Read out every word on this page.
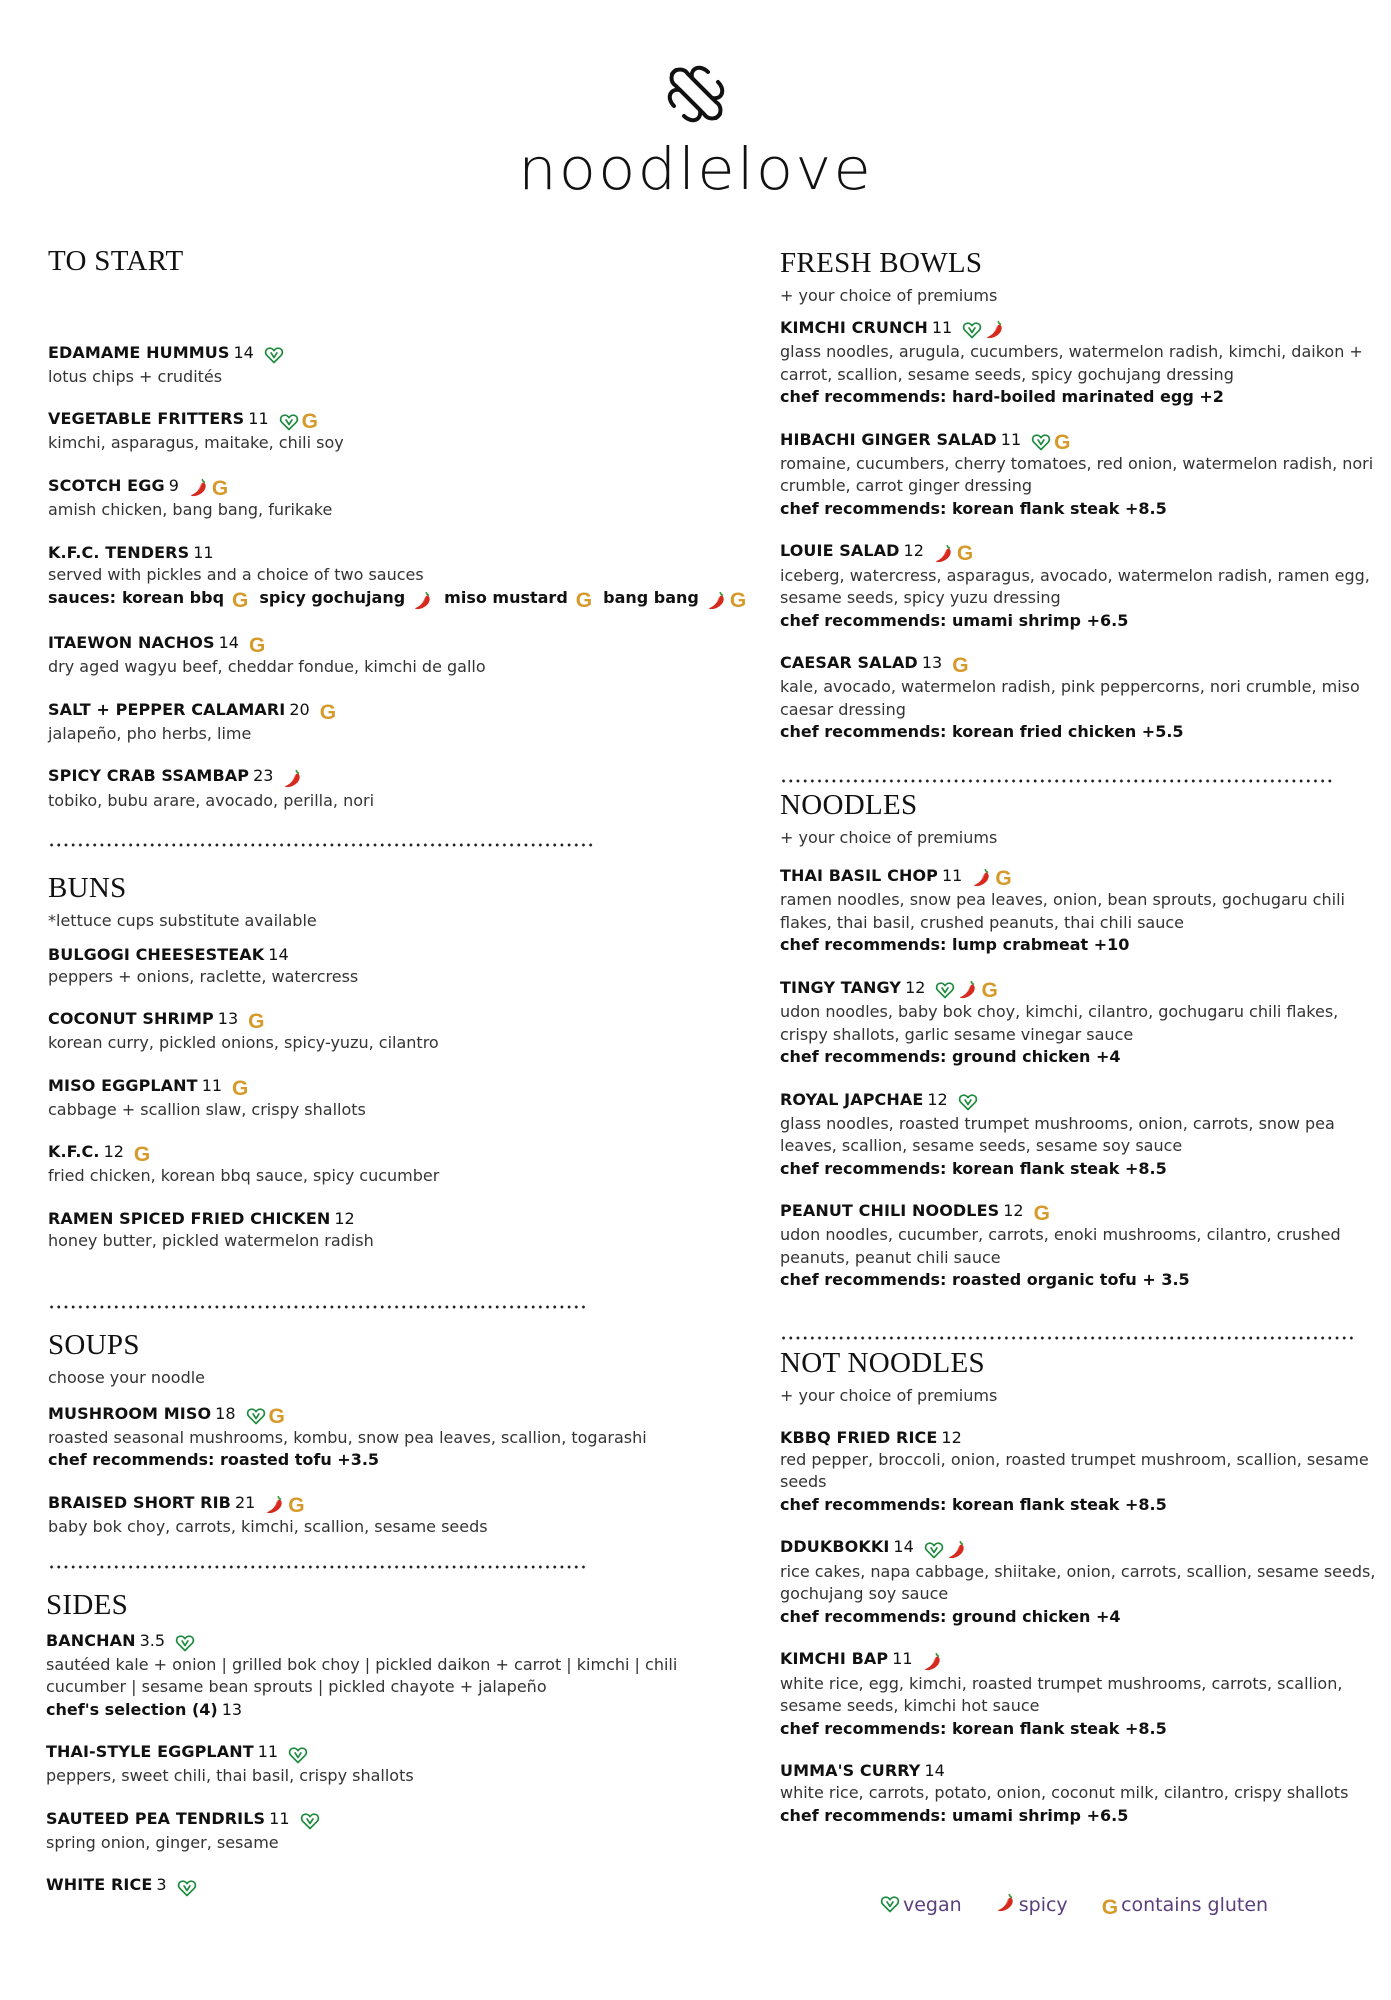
noodlelove
TO START
EDAMAME HUMMUS 14
lotus chips + crudités
VEGETABLE FRITTERS 11 G
kimchi, asparagus, maitake, chili soy
SCOTCH EGG 9 G
amish chicken, bang bang, furikake
K.F.C. TENDERS 11
served with pickles and a choice of two sauces
sauces: korean bbq G spicy gochujang miso mustard G bang bang G
ITAEWON NACHOS 14 G
dry aged wagyu beef, cheddar fondue, kimchi de gallo
SALT + PEPPER CALAMARI 20 G
jalapeño, pho herbs, lime
SPICY CRAB SSAMBAP 23
tobiko, bubu arare, avocado, perilla, nori
BUNS
*lettuce cups substitute available
BULGOGI CHEESESTEAK 14
peppers + onions, raclette, watercress
COCONUT SHRIMP 13 G
korean curry, pickled onions, spicy-yuzu, cilantro
MISO EGGPLANT 11 G
cabbage + scallion slaw, crispy shallots
K.F.C. 12 G
fried chicken, korean bbq sauce, spicy cucumber
RAMEN SPICED FRIED CHICKEN 12
honey butter, pickled watermelon radish
SOUPS
choose your noodle
MUSHROOM MISO 18 G
roasted seasonal mushrooms, kombu, snow pea leaves, scallion, togarashi
chef recommends: roasted tofu +3.5
BRAISED SHORT RIB 21 G
baby bok choy, carrots, kimchi, scallion, sesame seeds
SIDES
BANCHAN 3.5
sautéed kale + onion | grilled bok choy | pickled daikon + carrot | kimchi | chili cucumber | sesame bean sprouts | pickled chayote + jalapeño
chef's selection (4) 13
THAI-STYLE EGGPLANT 11
peppers, sweet chili, thai basil, crispy shallots
SAUTEED PEA TENDRILS 11
spring onion, ginger, sesame
WHITE RICE 3
FRESH BOWLS
+ your choice of premiums
KIMCHI CRUNCH 11
glass noodles, arugula, cucumbers, watermelon radish, kimchi, daikon + carrot, scallion, sesame seeds, spicy gochujang dressing
chef recommends: hard-boiled marinated egg +2
HIBACHI GINGER SALAD 11 G
romaine, cucumbers, cherry tomatoes, red onion, watermelon radish, nori crumble, carrot ginger dressing
chef recommends: korean flank steak +8.5
LOUIE SALAD 12 G
iceberg, watercress, asparagus, avocado, watermelon radish, ramen egg, sesame seeds, spicy yuzu dressing
chef recommends: umami shrimp +6.5
CAESAR SALAD 13 G
kale, avocado, watermelon radish, pink peppercorns, nori crumble, miso caesar dressing
chef recommends: korean fried chicken +5.5
NOODLES
+ your choice of premiums
THAI BASIL CHOP 11 G
ramen noodles, snow pea leaves, onion, bean sprouts, gochugaru chili flakes, thai basil, crushed peanuts, thai chili sauce
chef recommends: lump crabmeat +10
TINGY TANGY 12	G
udon noodles, baby bok choy, kimchi, cilantro, gochugaru chili flakes, crispy shallots, garlic sesame vinegar sauce
chef recommends: ground chicken +4
ROYAL JAPCHAE 12
glass noodles, roasted trumpet mushrooms, onion, carrots, snow pea leaves, scallion, sesame seeds, sesame soy sauce
chef recommends: korean flank steak +8.5
PEANUT CHILI NOODLES 12 G
udon noodles, cucumber, carrots, enoki mushrooms, cilantro, crushed peanuts, peanut chili sauce
chef recommends: roasted organic tofu + 3.5
NOT NOODLES
+ your choice of premiums
KBBQ FRIED RICE 12
red pepper, broccoli, onion, roasted trumpet mushroom, scallion, sesame seeds
chef recommends: korean flank steak +8.5
DDUKBOKKI 14
rice cakes, napa cabbage, shiitake, onion, carrots, scallion, sesame seeds, gochujang soy sauce
chef recommends: ground chicken +4
KIMCHI BAP 11
white rice, egg, kimchi, roasted trumpet mushrooms, carrots, scallion, sesame seeds, kimchi hot sauce
chef recommends: korean flank steak +8.5
UMMA'S CURRY 14
white rice, carrots, potato, onion, coconut milk, cilantro, crispy shallots
chef recommends: umami shrimp +6.5
vegan	spicy G contains gluten
